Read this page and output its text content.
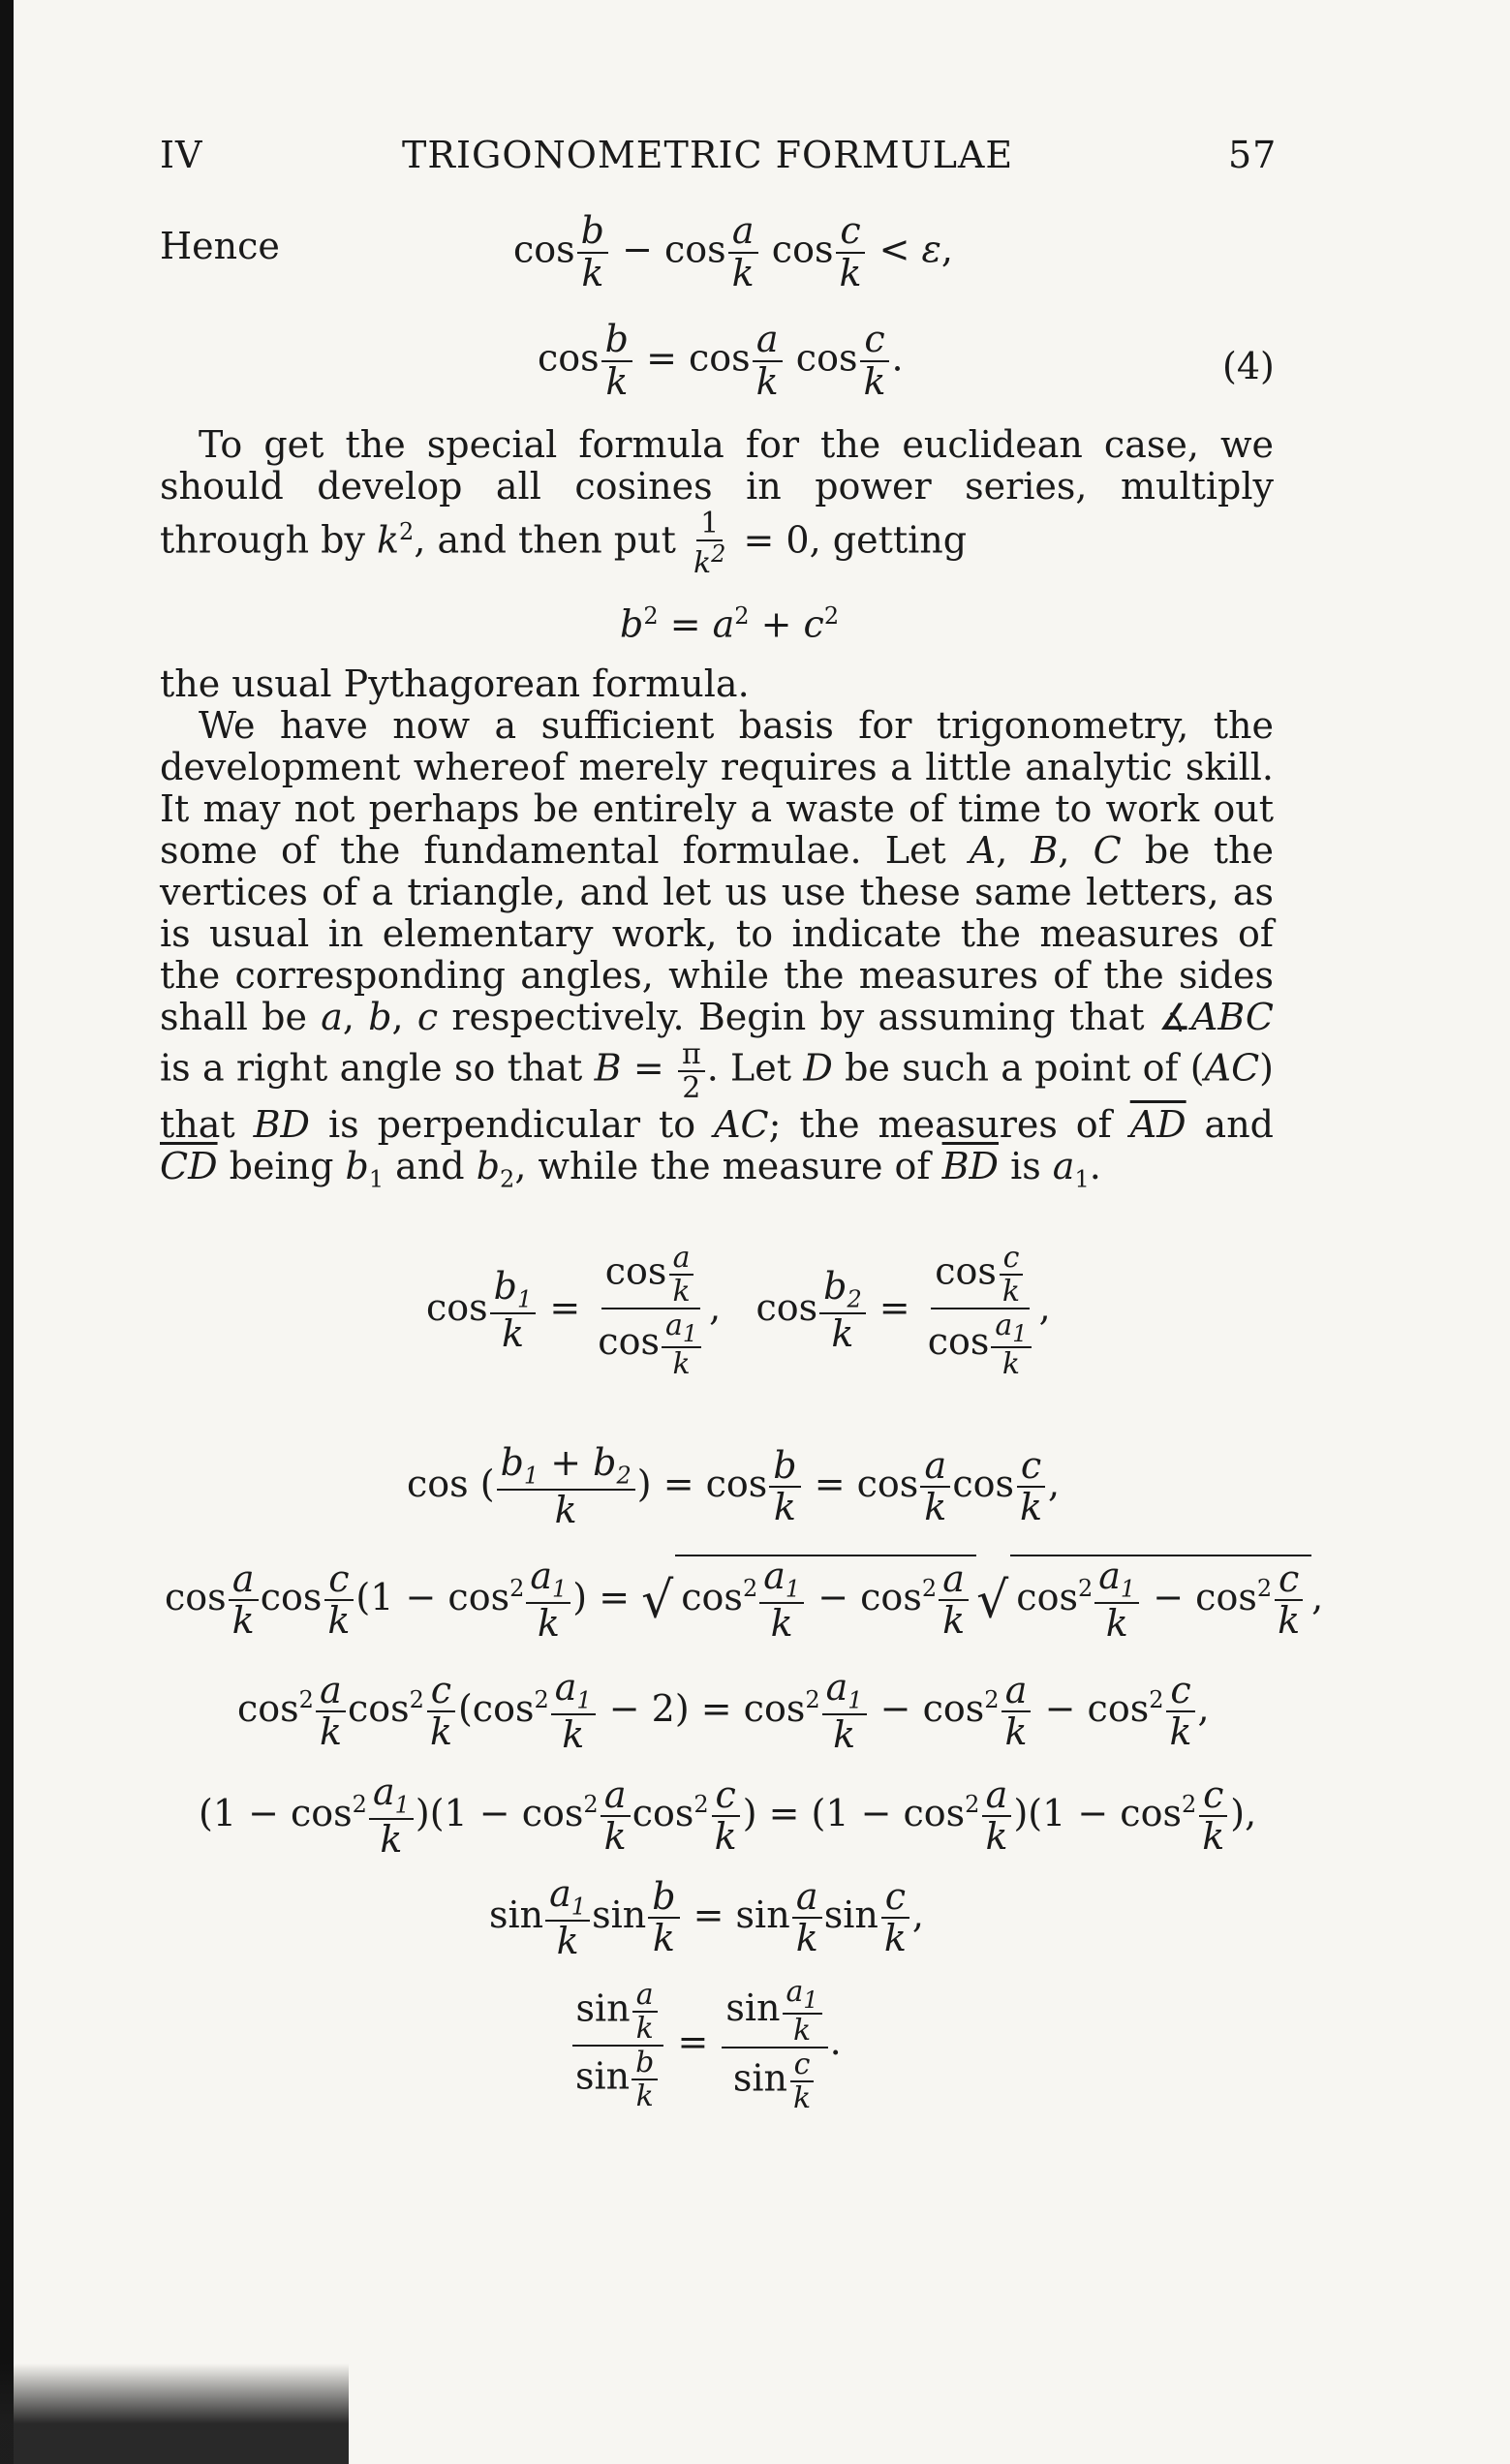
IV	TRIGONOMETRIC FORMULAE	57
Hence	$\cos \frac{b}{k} - \cos \frac{a}{k}$ $\cos \frac{c}{k} < \varepsilon$,
$\cos \frac{b}{k} = \cos \frac{a}{k}$ $\cos \frac{c}{k}$ .	(4)
To get the special formula for the euclidean case, we should develop all cosines in power series, multiply through by $k^2$, and then put $\frac{1}{k^2} = 0$, getting
$b^2 = a^2 + c^2$
the usual Pythagorean formula.
We have now a sufficient basis for trigonometry, the development whereof merely requires a little analytic skill. It may not perhaps be entirely a waste of time to work out some of the fundamental formulae. Let A, B, C be the vertices of a triangle, and let us use these same letters, as is usual in elementary work, to indicate the measures of the corresponding angles, while the measures of the sides shall be a, b, c respectively. Begin by assuming that ∡ABC is a right angle so that $B = \frac{\pi}{2}$ . Let D be such a point of (AC) that BD is perpendicular to AC; the measures of $\overline{AD}$ and $\overline{CD}$ being $b_1$ and $b_2$, while the measure of $\overline{BD}$ is $a_1$.
$\cos \frac{b_1}{k} = \frac{\cos \frac{a}{k}}{\cos \frac{a_1}{k}}$ ,   $\cos \frac{b_2}{k} = \frac{\cos \frac{c}{k}}{\cos \frac{a_1}{k}}$ ,
cos ( $\frac{b_1 + b_2}{k}$ ) = $\cos \frac{b}{k} = \cos \frac{a}{k}$ $\cos \frac{c}{k}$ ,
$\cos \frac{a}{k}$ $\cos \frac{c}{k} (1 - \cos^2 \frac{a_1}{k}$ ) = √ $\cos^2 \frac{a_1}{k} - \cos^2 \frac{a}{k}$ √ $\cos^2 \frac{a_1}{k} - \cos^2 \frac{c}{k}$ ,
$\cos^2 \frac{a}{k} \cos^2 \frac{c}{k} (\cos^2 \frac{a_1}{k} - 2) = \cos^2 \frac{a_1}{k} - \cos^2 \frac{a}{k} - \cos^2 \frac{c}{k}$ ,
$(1 - \cos^2 \frac{a_1}{k} )(1 - \cos^2 \frac{a}{k} \cos^2 \frac{c}{k}$ ) = $(1 - \cos^2 \frac{a}{k} )(1 - \cos^2 \frac{c}{k}$ ),
$\sin \frac{a_1}{k}$ $\sin \frac{b}{k} = \sin \frac{a}{k}$ $\sin \frac{c}{k}$ ,
$\frac{\sin \frac{a}{k}}{\sin \frac{b}{k}} = \frac{\sin \frac{a_1}{k}}{\sin \frac{c}{k}}$ .
